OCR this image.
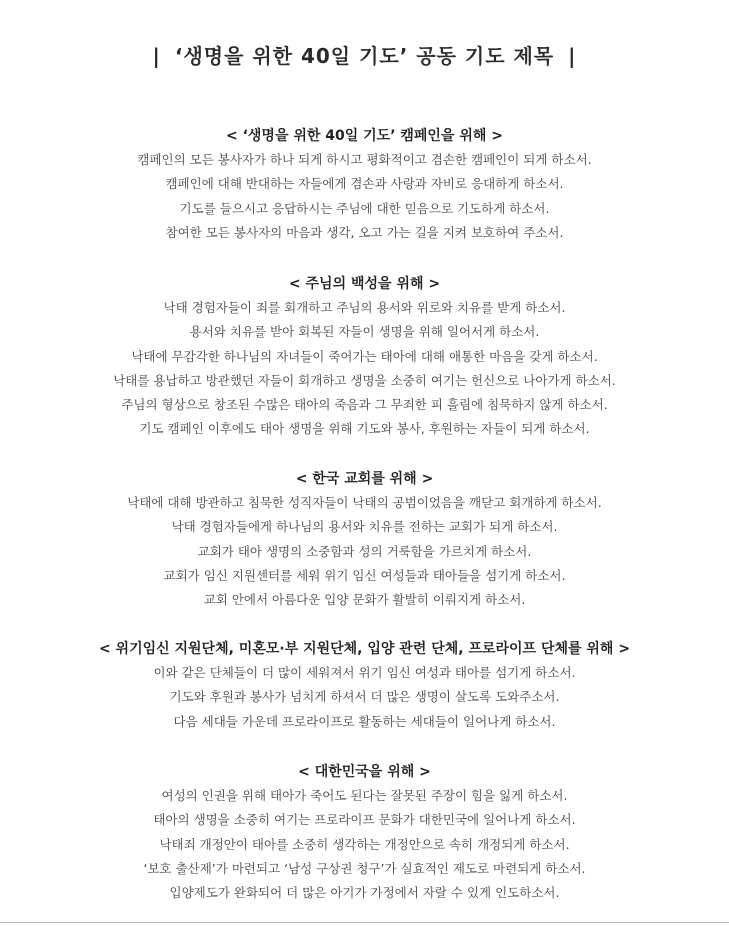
| ‘생명을 위한 40일 기도’ 공동 기도 제목 |
< ‘생명을 위한 40일 기도’ 캠페인을 위해 >
캠페인의 모든 봉사자가 하나 되게 하시고 평화적이고 겸손한 캠페인이 되게 하소서.
캠페인에 대해 반대하는 자들에게 겸손과 사랑과 자비로 응대하게 하소서.
기도를 들으시고 응답하시는 주님에 대한 믿음으로 기도하게 하소서.
참여한 모든 봉사자의 마음과 생각, 오고 가는 길을 지켜 보호하여 주소서.
< 주님의 백성을 위해 >
낙태 경험자들이 죄를 회개하고 주님의 용서와 위로와 치유를 받게 하소서.
용서와 치유를 받아 회복된 자들이 생명을 위해 일어서게 하소서.
낙태에 무감각한 하나님의 자녀들이 죽어가는 태아에 대해 애통한 마음을 갖게 하소서.
낙태를 용납하고 방관했던 자들이 회개하고 생명을 소중히 여기는 헌신으로 나아가게 하소서.
주님의 형상으로 창조된 수많은 태아의 죽음과 그 무죄한 피 흘림에 침묵하지 않게 하소서.
기도 캠페인 이후에도 태아 생명을 위해 기도와 봉사, 후원하는 자들이 되게 하소서.
< 한국 교회를 위해 >
낙태에 대해 방관하고 침묵한 성직자들이 낙태의 공범이었음을 깨닫고 회개하게 하소서.
낙태 경험자들에게 하나님의 용서와 치유를 전하는 교회가 되게 하소서.
교회가 태아 생명의 소중함과 성의 거룩함을 가르치게 하소서.
교회가 임신 지원센터를 세워 위기 임신 여성들과 태아들을 섬기게 하소서.
교회 안에서 아름다운 입양 문화가 활발히 이뤄지게 하소서.
< 위기임신 지원단체, 미혼모·부 지원단체, 입양 관련 단체, 프로라이프 단체를 위해 >
이와 같은 단체들이 더 많이 세워져서 위기 임신 여성과 태아를 섬기게 하소서.
기도와 후원과 봉사가 넘치게 하셔서 더 많은 생명이 살도록 도와주소서.
다음 세대들 가운데 프로라이프로 활동하는 세대들이 일어나게 하소서.
< 대한민국을 위해 >
여성의 인권을 위해 태아가 죽어도 된다는 잘못된 주장이 힘을 잃게 하소서.
태아의 생명을 소중히 여기는 프로라이프 문화가 대한민국에 일어나게 하소서.
낙태죄 개정안이 태아를 소중히 생각하는 개정안으로 속히 개정되게 하소서.
‘보호 출산제’가 마련되고 ‘남성 구상권 청구’가 실효적인 제도로 마련되게 하소서.
입양제도가 완화되어 더 많은 아기가 가정에서 자랄 수 있게 인도하소서.
